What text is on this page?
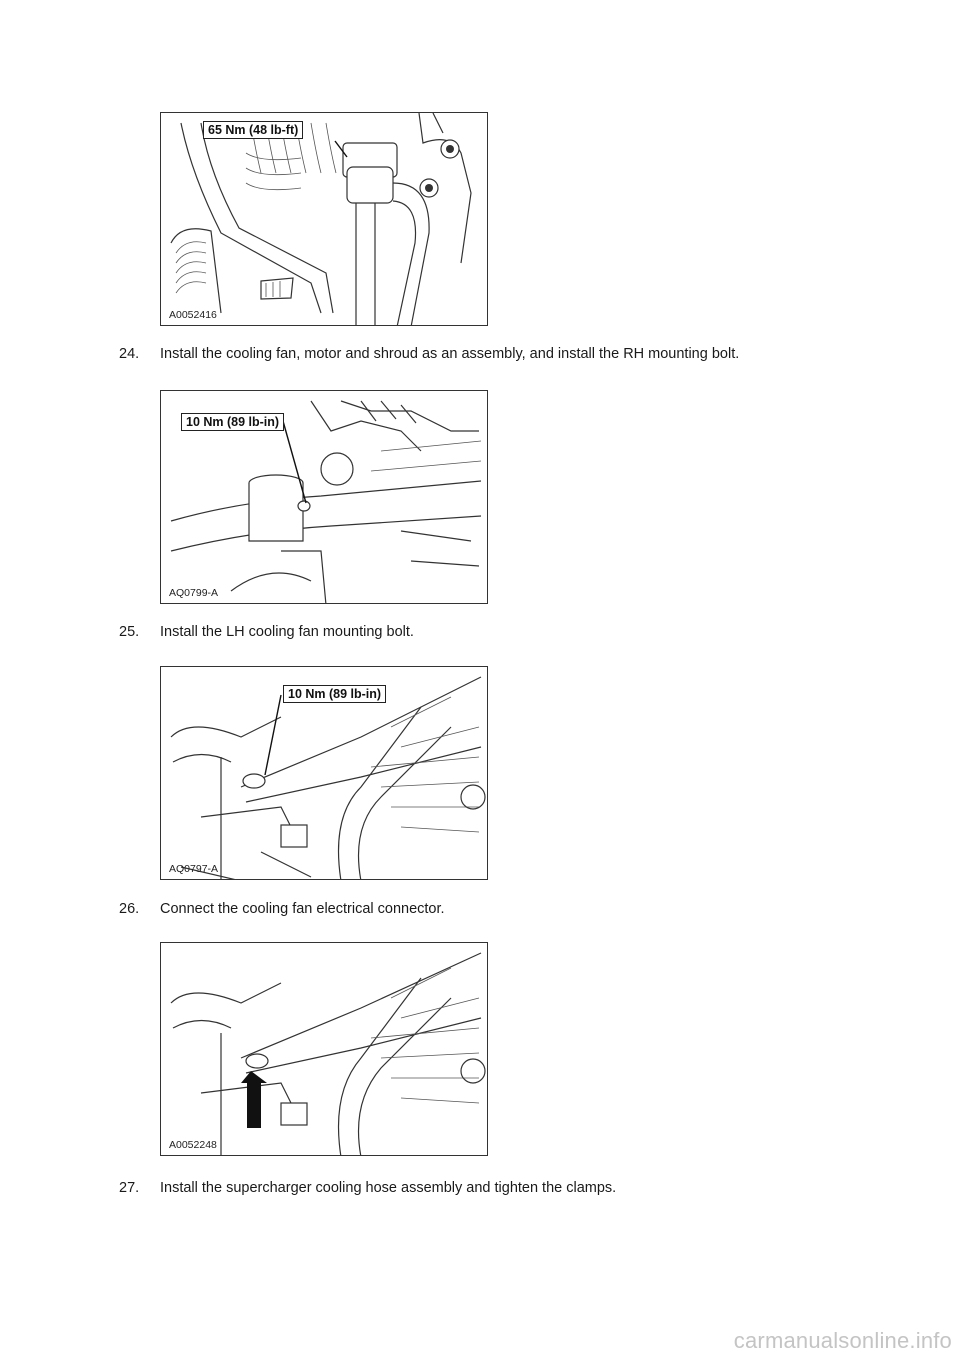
65 Nm (48 lb-ft)
A0052416
24. Install the cooling fan, motor and shroud as an assembly, and install the RH mounting bolt.
10 Nm (89 lb-in)
AQ0799-A
25. Install the LH cooling fan mounting bolt.
10 Nm (89 lb-in)
AQ0797-A
26. Connect the cooling fan electrical connector.
A0052248
27. Install the supercharger cooling hose assembly and tighten the clamps.
carmanualsonline.info
